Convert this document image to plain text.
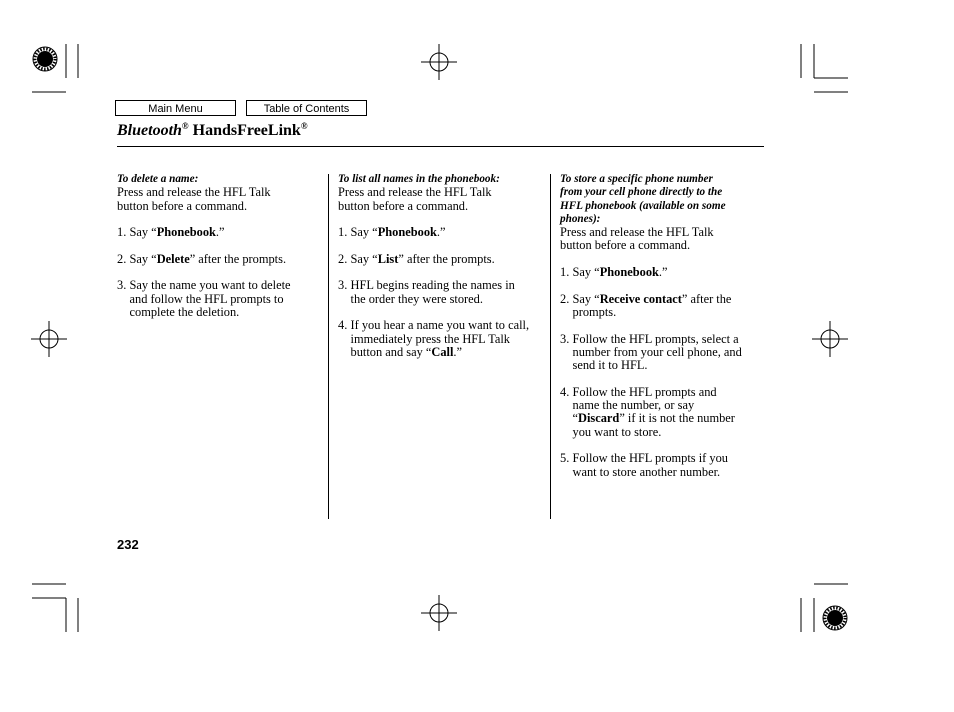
Main Menu	Table of Contents
Bluetooth® HandsFreeLink®

To delete a name:

Press and release the HFL Talk

button before a command.

1. Say “Phonebook.”

2. Say “Delete” after the prompts.

3. Say the name you want to delete

and follow the HFL prompts to

complete the deletion.

To list all names in the phonebook:

Press and release the HFL Talk

button before a command.

1. Say “Phonebook.”

2. Say “List” after the prompts.

3. HFL begins reading the names in

the order they were stored.

4. If you hear a name you want to call,

immediately press the HFL Talk

button and say “Call.”

To store a specific phone number

from your cell phone directly to the

HFL phonebook (available on some

phones):

Press and release the HFL Talk

button before a command.

1. Say “Phonebook.”

2. Say “Receive contact” after the

prompts.

3. Follow the HFL prompts, select a

number from your cell phone, and

send it to HFL.

4. Follow the HFL prompts and

name the number, or say

“Discard” if it is not the number

you want to store.

5. Follow the HFL prompts if you

want to store another number.

232
